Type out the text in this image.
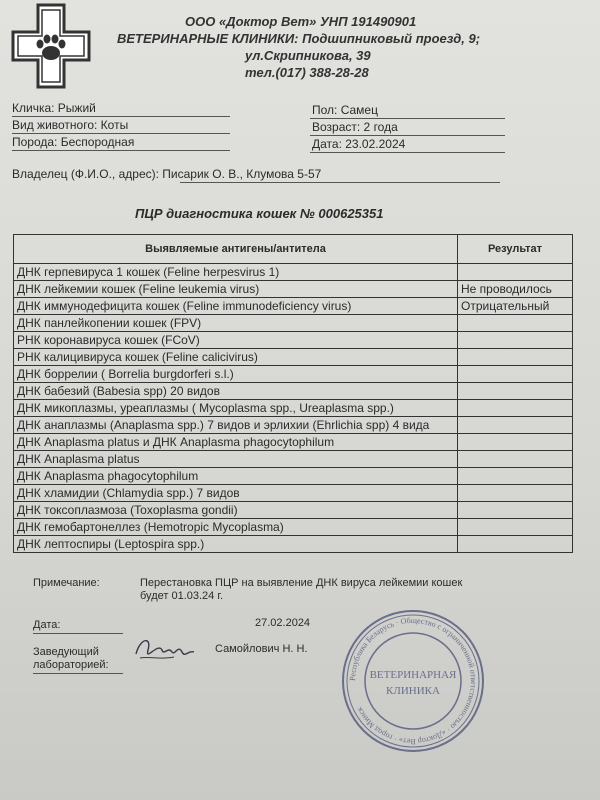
ООО «Доктор Вет» УНП 191490901
ВЕТЕРИНАРНЫЕ КЛИНИКИ: Подшипниковый проезд, 9;
ул.Скрипникова, 39
тел.(017) 388-28-28
Кличка: Рыжий
Вид животного: Коты
Порода: Беспородная
Пол: Самец
Возраст: 2 года
Дата: 23.02.2024
Владелец (Ф.И.О., адрес): Писарик О. В., Клумова 5-57
ПЦР диагностика кошек № 000625351
Выявляемые антигены/антитела	Результат
ДНК герпевируса 1 кошек (Feline herpesvirus 1)	
ДНК лейкемии кошек (Feline leukemia virus)	Не проводилось
ДНК иммунодефицита кошек (Feline immunodeficiency virus)	Отрицательный
ДНК панлейкопении кошек (FPV)	
РНК коронавируса кошек (FCoV)	
РНК калицивируса кошек (Feline calicivirus)	
ДНК боррелии ( Borrelia burgdorferi s.l.)	
ДНК бабезий (Babesia spp) 20 видов	
ДНК микоплазмы, уреаплазмы ( Mycoplasma spp., Ureaplasma spp.)	
ДНК анаплазмы (Anaplasma spp.) 7 видов и эрлихии (Ehrlichia spp) 4 вида	
ДНК Anaplasma platus и ДНК Anaplasma phagocytophilum	
ДНК Anaplasma platus	
ДНК Anaplasma phagocytophilum	
ДНК хламидии (Chlamydia spp.) 7 видов	
ДНК токсоплазмоза (Toxoplasma gondii)	
ДНК гемобартонеллез (Hemotropic Mycoplasma)	
ДНК лептоспиры (Leptospira spp.)	
Примечание:	Перестановка ПЦР на выявление ДНК вируса лейкемии кошек
будет 01.03.24 г.
Дата:	27.02.2024
Заведующий
лабораторией:
Самойлович Н. Н.
Республика Беларусь · Общество с ограниченной ответственностью · «Доктор Вет» · город Минск
ВЕТЕРИНАРНАЯ
КЛИНИКА
